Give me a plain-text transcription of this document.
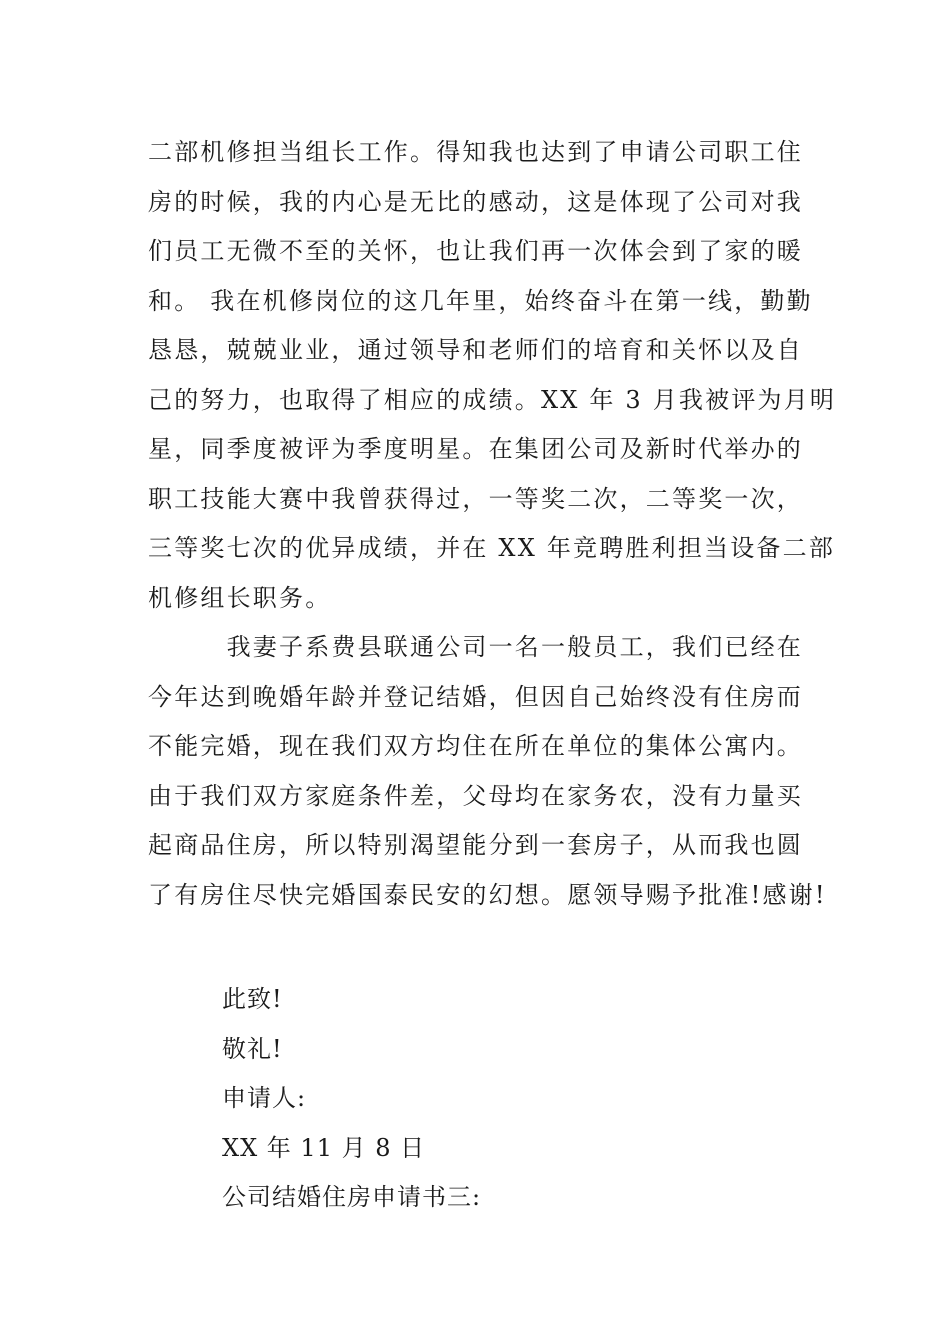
二部机修担当组长工作。得知我也达到了申请公司职工住
房的时候，我的内心是无比的感动，这是体现了公司对我
们员工无微不至的关怀，也让我们再一次体会到了家的暖
和。 我在机修岗位的这几年里，始终奋斗在第一线，勤勤
恳恳，兢兢业业，通过领导和老师们的培育和关怀以及自
己的努力，也取得了相应的成绩。XX 年 3 月我被评为月明
星，同季度被评为季度明星。在集团公司及新时代举办的
职工技能大赛中我曾获得过，一等奖二次，二等奖一次，
三等奖七次的优异成绩，并在 XX 年竞聘胜利担当设备二部
机修组长职务。
　　　我妻子系费县联通公司一名一般员工，我们已经在
今年达到晚婚年龄并登记结婚，但因自己始终没有住房而
不能完婚，现在我们双方均住在所在单位的集体公寓内。
由于我们双方家庭条件差，父母均在家务农，没有力量买
起商品住房，所以特别渴望能分到一套房子，从而我也圆
了有房住尽快完婚国泰民安的幻想。愿领导赐予批准!感谢!
此致!
敬礼!
申请人:
XX 年 11 月 8 日
公司结婚住房申请书三:
